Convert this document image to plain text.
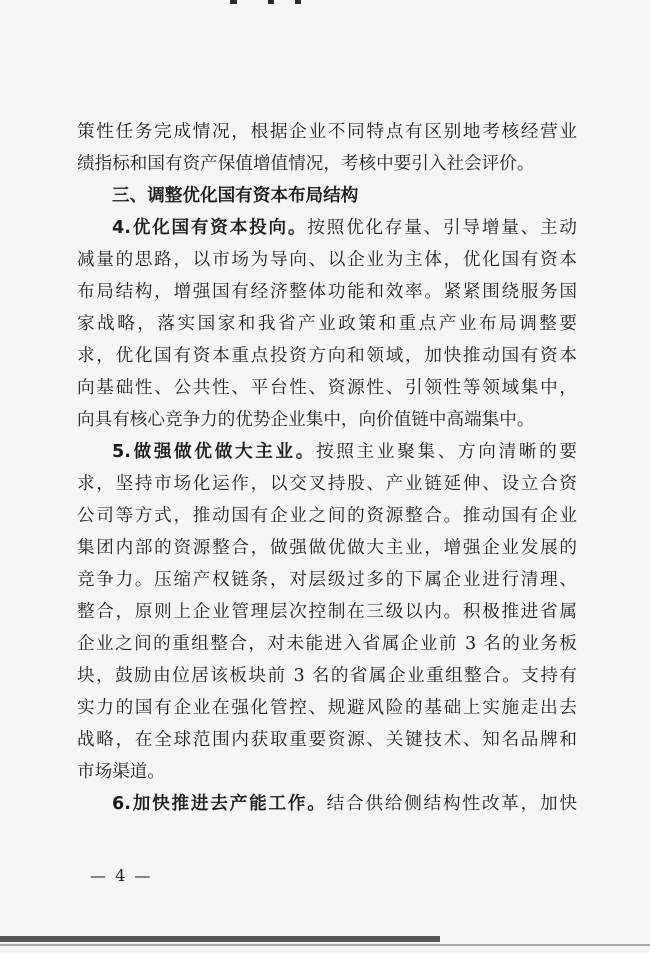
策性任务完成情况，根据企业不同特点有区别地考核经营业
绩指标和国有资产保值增值情况，考核中要引入社会评价。
三、调整优化国有资本布局结构
4.优化国有资本投向。按照优化存量、引导增量、主动
减量的思路，以市场为导向、以企业为主体，优化国有资本
布局结构，增强国有经济整体功能和效率。紧紧围绕服务国
家战略，落实国家和我省产业政策和重点产业布局调整要
求，优化国有资本重点投资方向和领域，加快推动国有资本
向基础性、公共性、平台性、资源性、引领性等领域集中，
向具有核心竞争力的优势企业集中，向价值链中高端集中。
5.做强做优做大主业。按照主业聚集、方向清晰的要
求，坚持市场化运作，以交叉持股、产业链延伸、设立合资
公司等方式，推动国有企业之间的资源整合。推动国有企业
集团内部的资源整合，做强做优做大主业，增强企业发展的
竞争力。压缩产权链条，对层级过多的下属企业进行清理、
整合，原则上企业管理层次控制在三级以内。积极推进省属
企业之间的重组整合，对未能进入省属企业前 3 名的业务板
块，鼓励由位居该板块前 3 名的省属企业重组整合。支持有
实力的国有企业在强化管控、规避风险的基础上实施走出去
战略，在全球范围内获取重要资源、关键技术、知名品牌和
市场渠道。
6.加快推进去产能工作。结合供给侧结构性改革，加快
— 4 —
